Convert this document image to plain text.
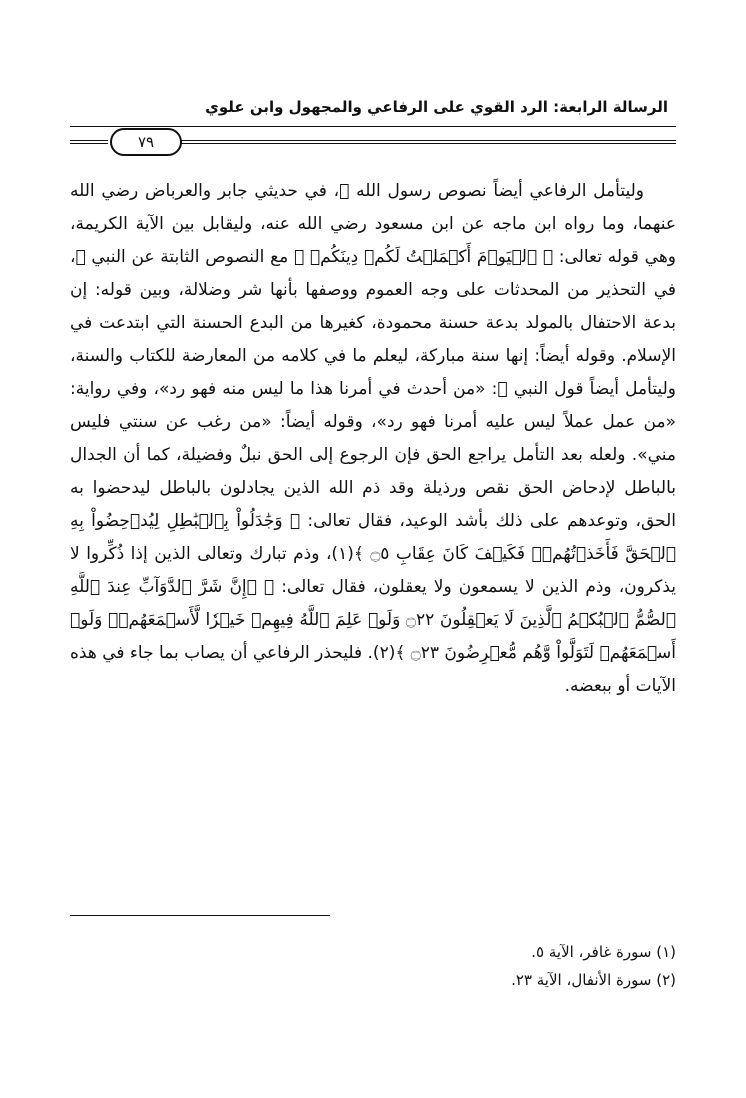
الرسالة الرابعة: الرد القوي على الرفاعي والمجهول وابن علوي
٧٩

وليتأمل الرفاعي أيضاً نصوص رسول الله ﷺ، في حديثي جابر والعرباض رضي الله عنهما، وما رواه ابن ماجه عن ابن مسعود رضي الله عنه، وليقابل بين الآية الكريمة، وهي قوله تعالى: ﴿ ٱلۡيَوۡمَ أَكۡمَلۡتُ لَكُمۡ دِينَكُمۡ ﴾ مع النصوص الثابتة عن النبي ﷺ، في التحذير من المحدثات على وجه العموم ووصفها بأنها شر وضلالة، وبين قوله: إن بدعة الاحتفال بالمولد بدعة حسنة محمودة، كغيرها من البدع الحسنة التي ابتدعت في الإسلام. وقوله أيضاً: إنها سنة مباركة، ليعلم ما في كلامه من المعارضة للكتاب والسنة، وليتأمل أيضاً قول النبي ﷺ: «من أحدث في أمرنا هذا ما ليس منه فهو رد»، وفي رواية: «من عمل عملاً ليس عليه أمرنا فهو رد»، وقوله أيضاً: «من رغب عن سنتي فليس مني». ولعله بعد التأمل يراجع الحق فإن الرجوع إلى الحق نبلٌ وفضيلة، كما أن الجدال بالباطل لإدحاض الحق نقص ورذيلة وقد ذم الله الذين يجادلون بالباطل ليدحضوا به الحق، وتوعدهم على ذلك بأشد الوعيد، فقال تعالى: ﴿ وَجَٰدَلُواْ بِٱلۡبَٰطِلِ لِيُدۡحِضُواْ بِهِ ٱلۡحَقَّ فَأَخَذۡتُهُمۡۖ فَكَيۡفَ كَانَ عِقَابِ ۝٥ ﴾(١)، وذم تبارك وتعالى الذين إذا ذُكِّروا لا يذكرون، وذم الذين لا يسمعون ولا يعقلون، فقال تعالى: ﴿ ۞إِنَّ شَرَّ ٱلدَّوَآبِّ عِندَ ٱللَّهِ ٱلصُّمُّ ٱلۡبُكۡمُ ٱلَّذِينَ لَا يَعۡقِلُونَ ۝٢٢ وَلَوۡ عَلِمَ ٱللَّهُ فِيهِمۡ خَيۡرٗا لَّأَسۡمَعَهُمۡۖ وَلَوۡ أَسۡمَعَهُمۡ لَتَوَلَّواْ وَّهُم مُّعۡرِضُونَ ۝٢٣ ﴾(٢). فليحذر الرفاعي أن يصاب بما جاء في هذه الآيات أو ببعضه.

(١) سورة غافر، الآية ٥.
(٢) سورة الأنفال، الآية ٢٣.
